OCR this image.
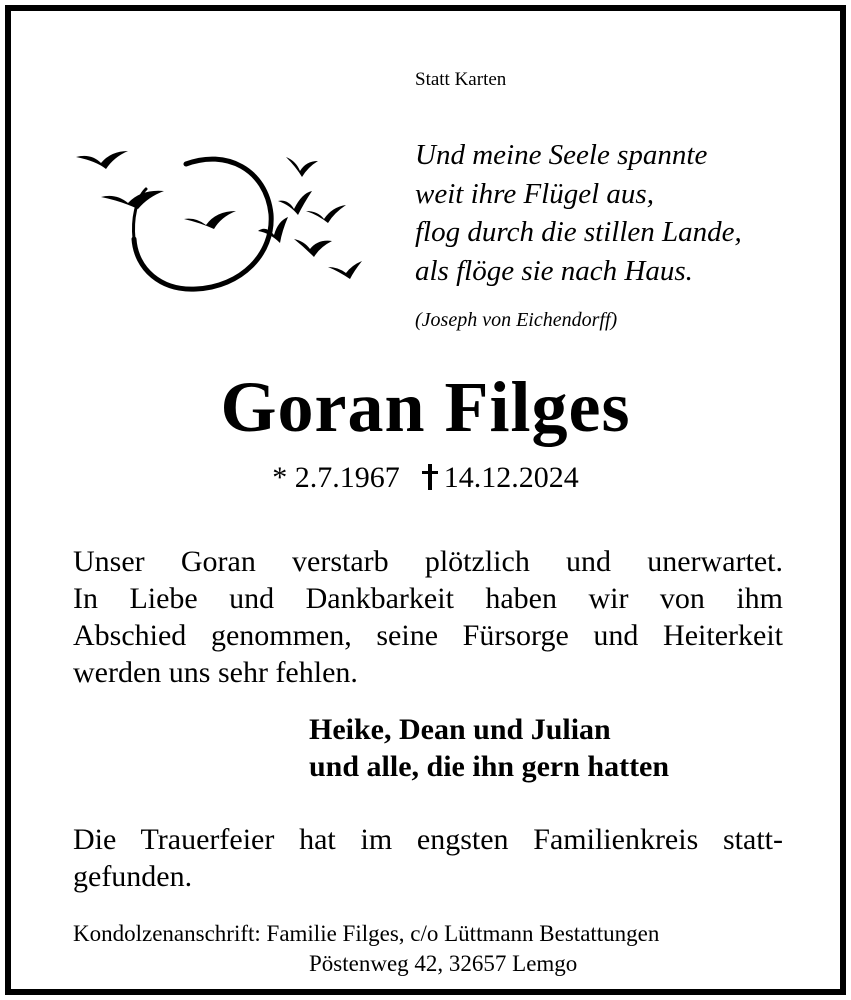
Statt Karten
Und meine Seele spannte
weit ihre Flügel aus,
flog durch die stillen Lande,
als flöge sie nach Haus.
(Joseph von Eichendorff)
Goran Filges
* 2.7.1967 14.12.2024
Unser Goran verstarb plötzlich und unerwartet.
In Liebe und Dankbarkeit haben wir von ihm
Abschied genommen, seine Fürsorge und Heiterkeit
werden uns sehr fehlen.
Heike, Dean und Julian
und alle, die ihn gern hatten
Die Trauerfeier hat im engsten Familienkreis statt-
gefunden.
Kondolzenanschrift: Familie Filges, c/o Lüttmann Bestattungen
Pöstenweg 42, 32657 Lemgo
